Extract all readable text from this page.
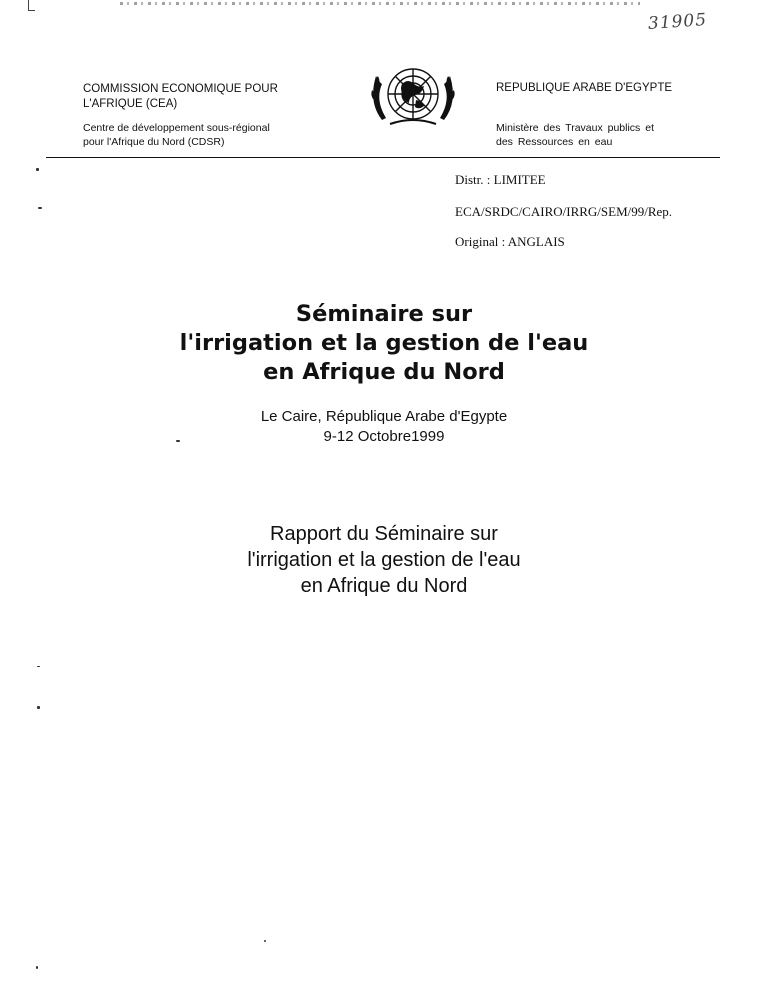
31905
COMMISSION ECONOMIQUE POUR
L'AFRIQUE (CEA)
Centre de développement sous-régional
pour l'Afrique du Nord (CDSR)
REPUBLIQUE ARABE D'EGYPTE
Ministère des Travaux publics et
des Ressources en eau
Distr. : LIMITEE
ECA/SRDC/CAIRO/IRRG/SEM/99/Rep.
Original : ANGLAIS
Séminaire sur
l'irrigation et la gestion de l'eau
en Afrique du Nord
Le Caire, République Arabe d'Egypte
9-12 Octobre1999
Rapport du Séminaire sur
l'irrigation et la gestion de l'eau
en Afrique du Nord
